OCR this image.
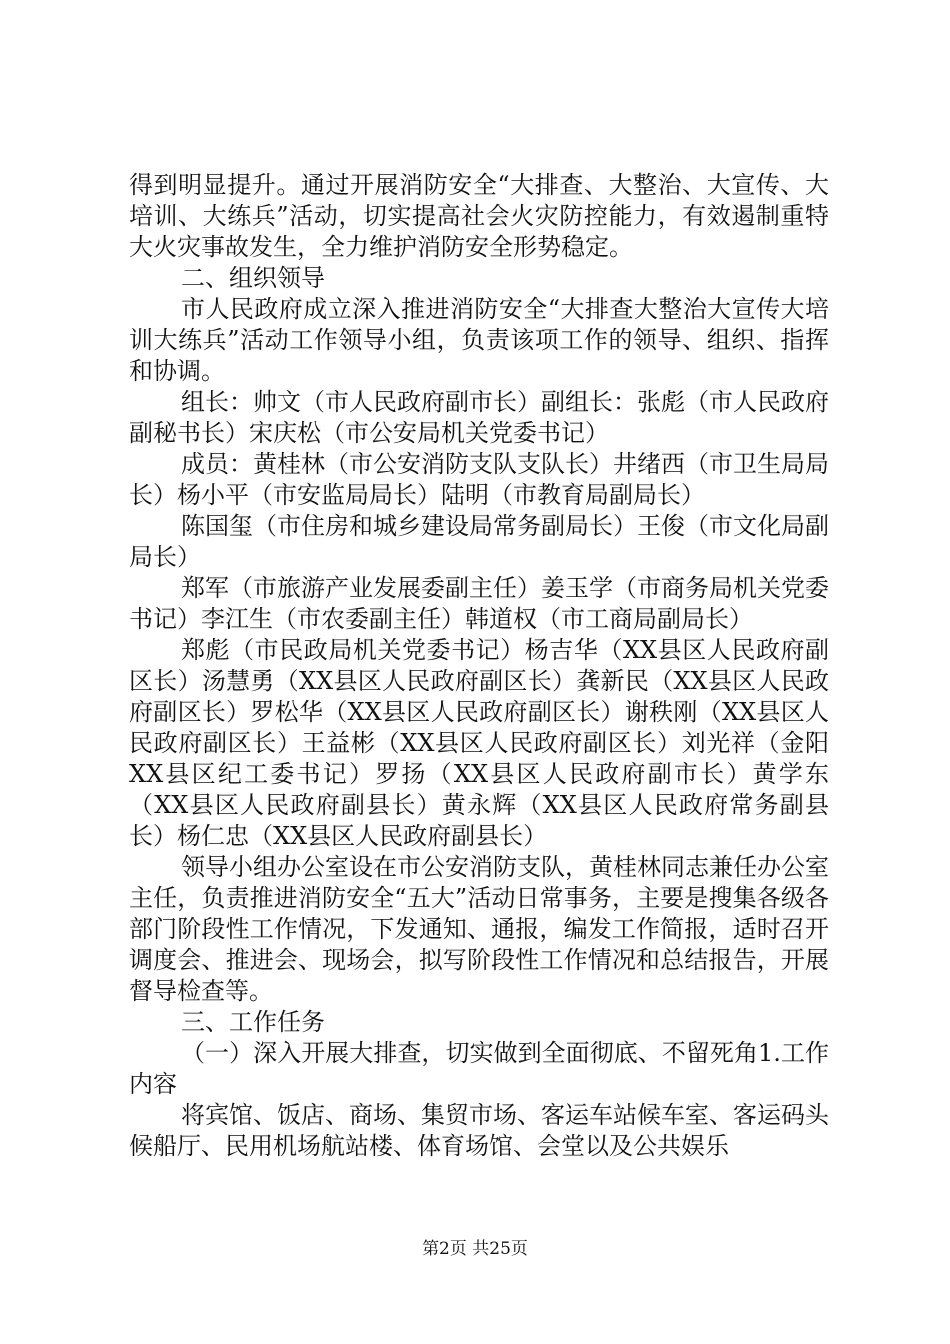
得到明显提升。通过开展消防安全“大排查、大整治、大宣传、大培训、大练兵”活动，切实提高社会火灾防控能力，有效遏制重特大火灾事故发生，全力维护消防安全形势稳定。

二、组织领导

市人民政府成立深入推进消防安全“大排查大整治大宣传大培训大练兵”活动工作领导小组，负责该项工作的领导、组织、指挥和协调。

组长：帅文（市人民政府副市长）副组长：张彪（市人民政府副秘书长）宋庆松（市公安局机关党委书记）

成员：黄桂林（市公安消防支队支队长）井绪西（市卫生局局长）杨小平（市安监局局长）陆明（市教育局副局长）

陈国玺（市住房和城乡建设局常务副局长）王俊（市文化局副局长）

郑军（市旅游产业发展委副主任）姜玉学（市商务局机关党委书记）李江生（市农委副主任）韩道权（市工商局副局长）

郑彪（市民政局机关党委书记）杨吉华（XX县区人民政府副区长）汤慧勇（XX县区人民政府副区长）龚新民（XX县区人民政府副区长）罗松华（XX县区人民政府副区长）谢秩刚（XX县区人民政府副区长）王益彬（XX县区人民政府副区长）刘光祥（金阳XX县区纪工委书记）罗扬（XX县区人民政府副市长）黄学东（XX县区人民政府副县长）黄永辉（XX县区人民政府常务副县长）杨仁忠（XX县区人民政府副县长）

领导小组办公室设在市公安消防支队，黄桂林同志兼任办公室主任，负责推进消防安全“五大”活动日常事务，主要是搜集各级各部门阶段性工作情况，下发通知、通报，编发工作简报，适时召开调度会、推进会、现场会，拟写阶段性工作情况和总结报告，开展督导检查等。

三、工作任务

（一）深入开展大排查，切实做到全面彻底、不留死角1.工作内容

将宾馆、饭店、商场、集贸市场、客运车站候车室、客运码头候船厅、民用机场航站楼、体育场馆、会堂以及公共娱乐

第2页 共25页
